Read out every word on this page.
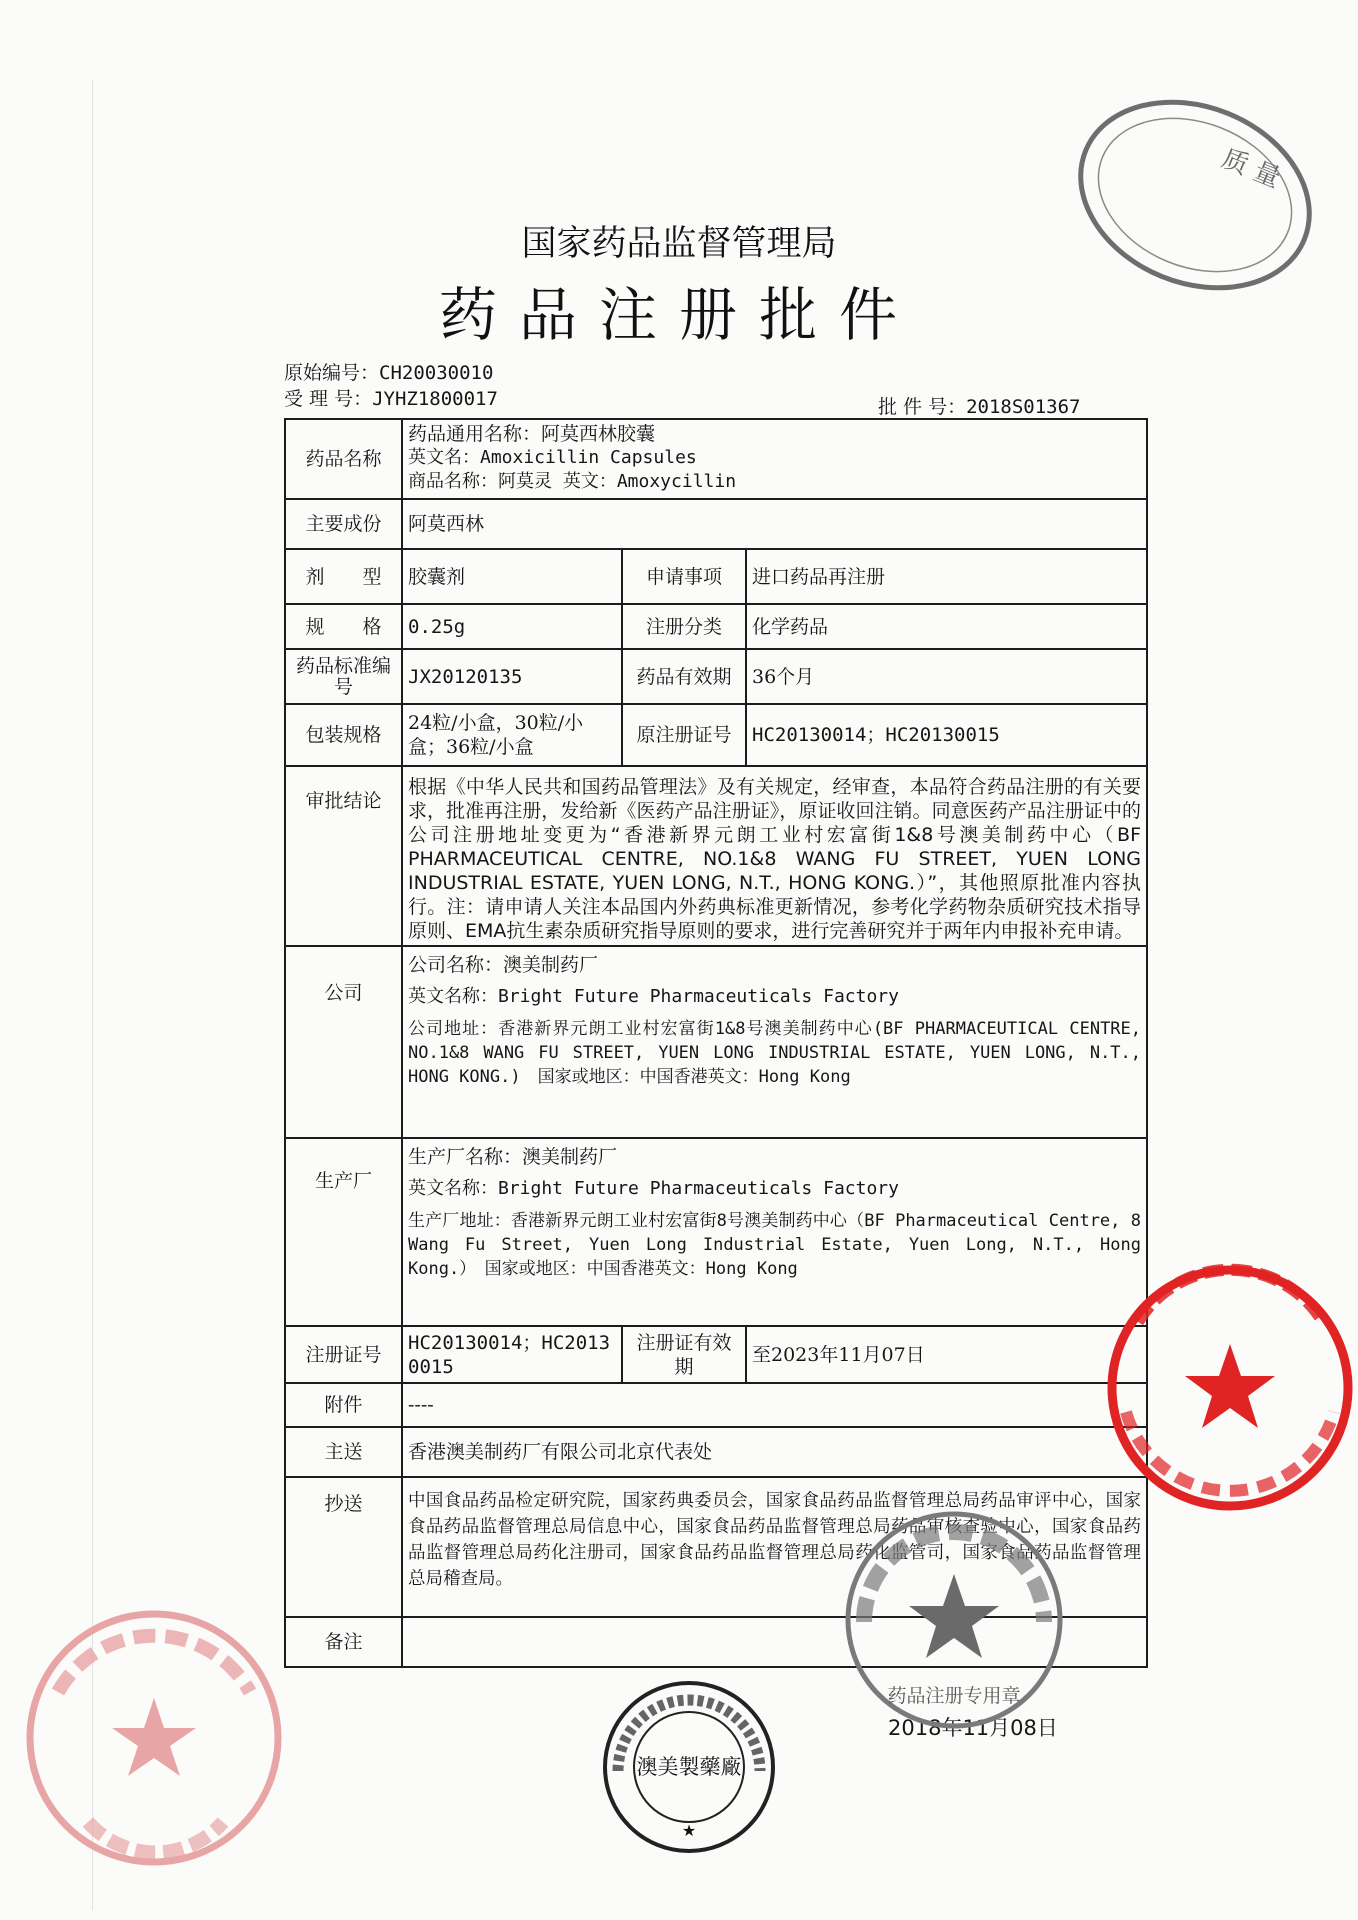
国家药品监督管理局
药品注册批件
原始编号：CH20030010
受 理 号：JYHZ1800017	批 件 号：2018S01367
药品名称	药品通用名称：阿莫西林胶囊
英文名：Amoxicillin Capsules
商品名称：阿莫灵 英文：Amoxycillin		

主要成份	阿莫西林		
剂　　型	胶囊剂	申请事项	进口药品再注册
规　　格	0.25g	注册分类	化学药品
药品标准编号	JX20120135	药品有效期	36个月
包装规格	24粒/小盒，30粒/小盒；36粒/小盒	原注册证号	HC20130014；HC20130015
审批结论	根据《中华人民共和国药品管理法》及有关规定，经审查，本品符合药品注册的有关要求，批准再注册，发给新《医药产品注册证》，原证收回注销。同意医药产品注册证中的公司注册地址变更为“香港新界元朗工业村宏富街1&8号澳美制药中心（BF PHARMACEUTICAL CENTRE, NO.1&8 WANG FU STREET, YUEN LONG INDUSTRIAL ESTATE, YUEN LONG, N.T., HONG KONG.）”，其他照原批准内容执行。注：请申请人关注本品国内外药典标准更新情况，参考化学药物杂质研究技术指导原则、EMA抗生素杂质研究指导原则的要求，进行完善研究并于两年内申报补充申请。		
公司	公司名称：澳美制药厂
英文名称：Bright Future Pharmaceuticals Factory
公司地址：香港新界元朗工业村宏富街1&8号澳美制药中心(BF PHARMACEUTICAL CENTRE, NO.1&8 WANG FU STREET, YUEN LONG INDUSTRIAL ESTATE, YUEN LONG, N.T., HONG KONG.)　国家或地区：中国香港英文：Hong Kong		

生产厂	生产厂名称：澳美制药厂
英文名称：Bright Future Pharmaceuticals Factory
生产厂地址：香港新界元朗工业村宏富街8号澳美制药中心（BF Pharmaceutical Centre, 8 Wang Fu Street, Yuen Long Industrial Estate, Yuen Long, N.T., Hong Kong.）　国家或地区：中国香港英文：Hong Kong		

注册证号	HC20130014；HC20130015	注册证有效期	至2023年11月07日
附件	----		
主送	香港澳美制药厂有限公司北京代表处		
抄送	中国食品药品检定研究院，国家药典委员会，国家食品药品监督管理总局药品审评中心，国家食品药品监督管理总局信息中心，国家食品药品监督管理总局药品审核查验中心，国家食品药品监督管理总局药化注册司，国家食品药品监督管理总局药化监管司，国家食品药品监督管理总局稽查局。		
备注			
2018年11月08日
质 量
澳美製藥廠
★
药品注册专用章
